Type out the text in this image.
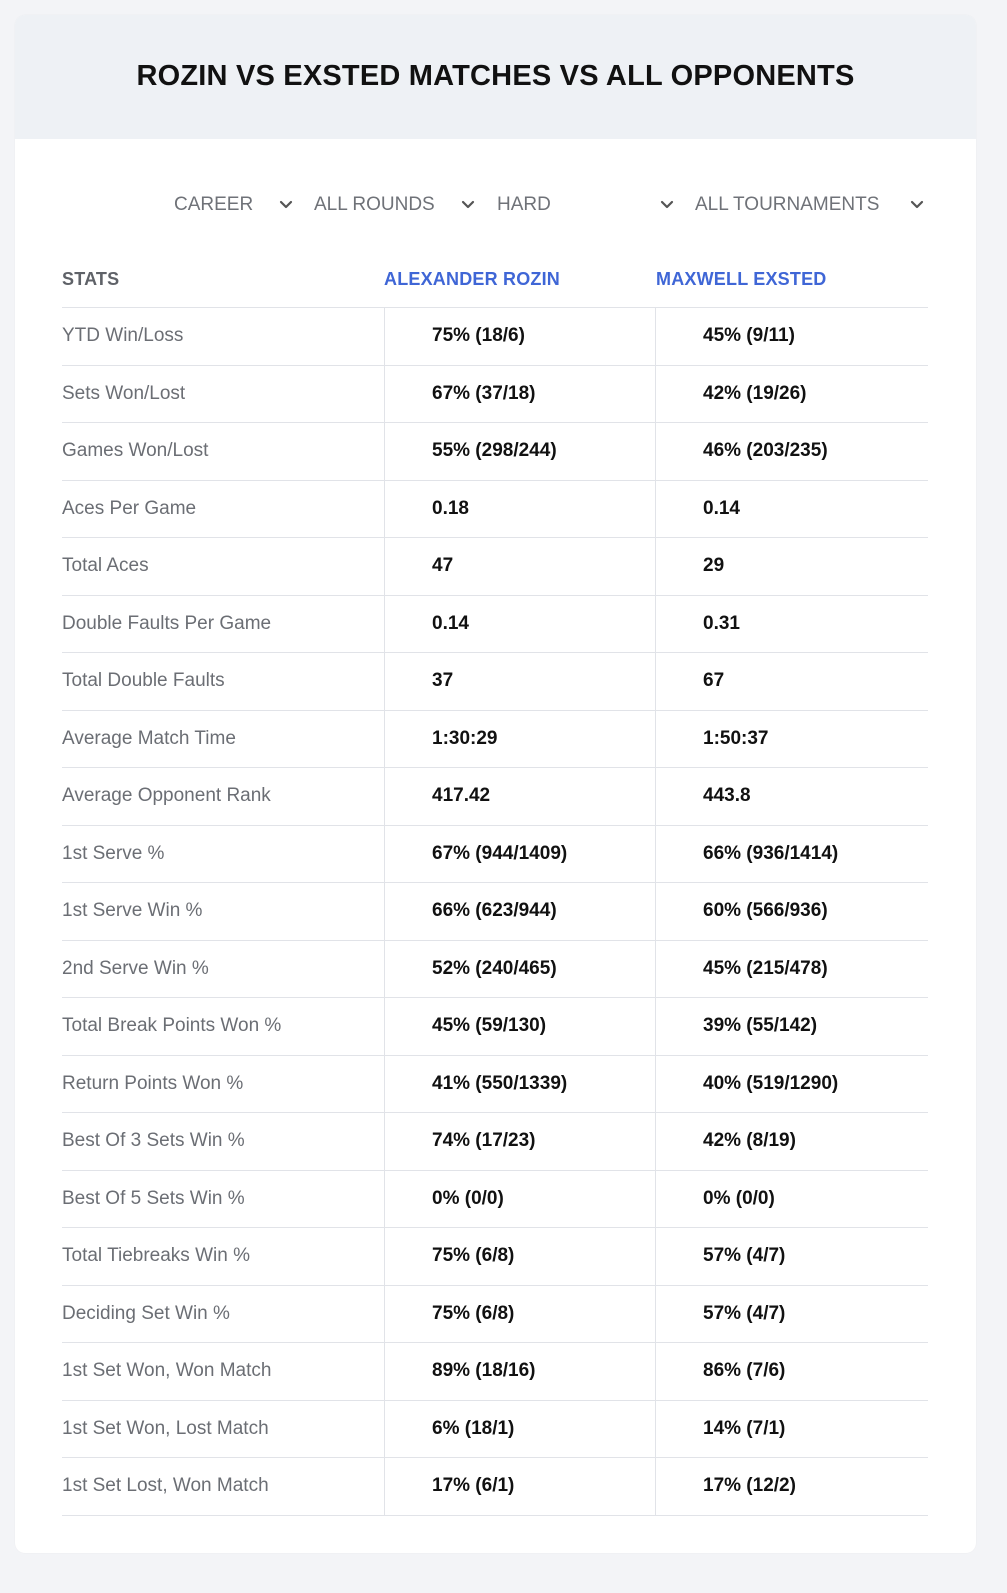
ROZIN VS EXSTED MATCHES VS ALL OPPONENTS
CAREER	ALL ROUNDS	HARD	ALL TOURNAMENTS
STATS	ALEXANDER ROZIN	MAXWELL EXSTED
YTD Win/Loss	75% (18/6)	45% (9/11)
Sets Won/Lost	67% (37/18)	42% (19/26)
Games Won/Lost	55% (298/244)	46% (203/235)
Aces Per Game	0.18	0.14
Total Aces	47	29
Double Faults Per Game	0.14	0.31
Total Double Faults	37	67
Average Match Time	1:30:29	1:50:37
Average Opponent Rank	417.42	443.8
1st Serve %	67% (944/1409)	66% (936/1414)
1st Serve Win %	66% (623/944)	60% (566/936)
2nd Serve Win %	52% (240/465)	45% (215/478)
Total Break Points Won %	45% (59/130)	39% (55/142)
Return Points Won %	41% (550/1339)	40% (519/1290)
Best Of 3 Sets Win %	74% (17/23)	42% (8/19)
Best Of 5 Sets Win %	0% (0/0)	0% (0/0)
Total Tiebreaks Win %	75% (6/8)	57% (4/7)
Deciding Set Win %	75% (6/8)	57% (4/7)
1st Set Won, Won Match	89% (18/16)	86% (7/6)
1st Set Won, Lost Match	6% (18/1)	14% (7/1)
1st Set Lost, Won Match	17% (6/1)	17% (12/2)
